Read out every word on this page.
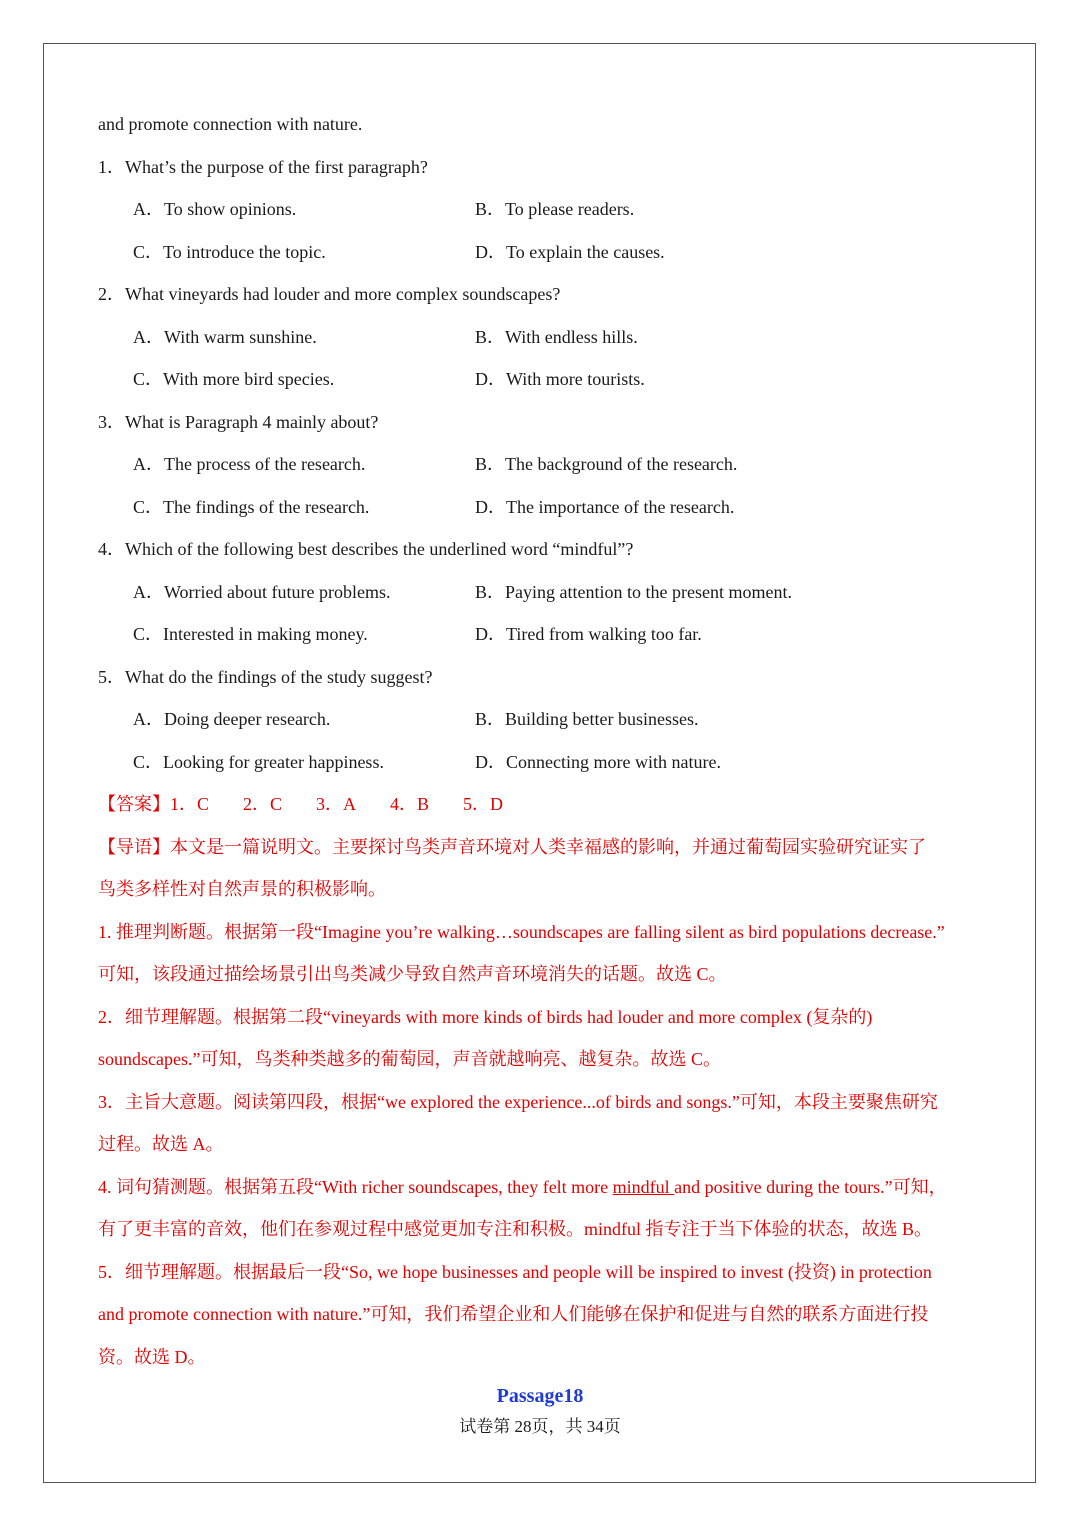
and promote connection with nature.
1．What’s the purpose of the first paragraph?
A．To show opinions.	B．To please readers.
C．To introduce the topic.	D．To explain the causes.
2．What vineyards had louder and more complex soundscapes?
A．With warm sunshine.	B．With endless hills.
C．With more bird species.	D．With more tourists.
3．What is Paragraph 4 mainly about?
A．The process of the research.	B．The background of the research.
C．The findings of the research.	D．The importance of the research.
4．Which of the following best describes the underlined word “mindful”?
A．Worried about future problems.	B．Paying attention to the present moment.
C．Interested in making money.	D．Tired from walking too far.
5．What do the findings of the study suggest?
A．Doing deeper research.	B．Building better businesses.
C．Looking for greater happiness.	D．Connecting more with nature.
【答案】1．C 2．C 3．A 4．B 5．D
【导语】本文是一篇说明文。主要探讨鸟类声音环境对人类幸福感的影响，并通过葡萄园实验研究证实了
鸟类多样性对自然声景的积极影响。
1. 推理判断题。根据第一段“Imagine you’re walking…soundscapes are falling silent as bird populations decrease.”
可知，该段通过描绘场景引出鸟类减少导致自然声音环境消失的话题。故选 C。
2．细节理解题。根据第二段“vineyards with more kinds of birds had louder and more complex (复杂的)
soundscapes.”可知，鸟类种类越多的葡萄园，声音就越响亮、越复杂。故选 C。
3．主旨大意题。阅读第四段，根据“we explored the experience...of birds and songs.”可知，本段主要聚焦研究
过程。故选 A。
4. 词句猜测题。根据第五段“With richer soundscapes, they felt more mindful and positive during the tours.”可知，
有了更丰富的音效，他们在参观过程中感觉更加专注和积极。mindful 指专注于当下体验的状态，故选 B。
5．细节理解题。根据最后一段“So, we hope businesses and people will be inspired to invest (投资) in protection
and promote connection with nature.”可知，我们希望企业和人们能够在保护和促进与自然的联系方面进行投
资。故选 D。
Passage18
试卷第 28页，共 34页
